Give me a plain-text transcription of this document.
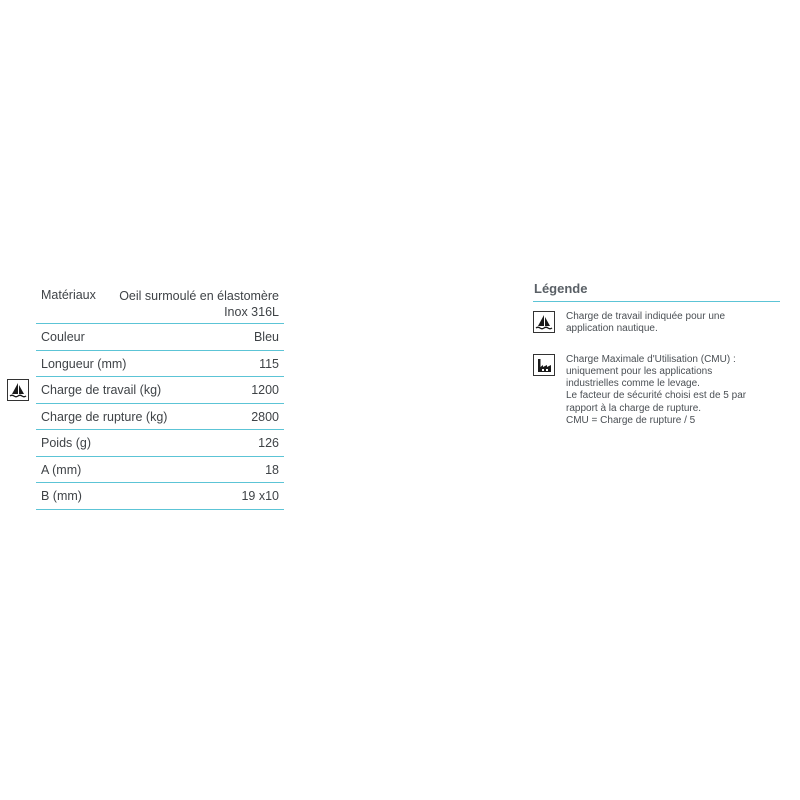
Matériaux Oeil surmoulé en élastomère
Inox 316L
Couleur	Bleu
Longueur (mm)	115
Charge de travail (kg)	1200
Charge de rupture (kg)	2800
Poids (g)	126
A (mm)	18
B (mm)	19 x10
Légende
Charge de travail indiquée pour une
application nautique.
Charge Maximale d'Utilisation (CMU) :
uniquement pour les applications
industrielles comme le levage.
Le facteur de sécurité choisi est de 5 par
rapport à la charge de rupture.
CMU = Charge de rupture / 5
